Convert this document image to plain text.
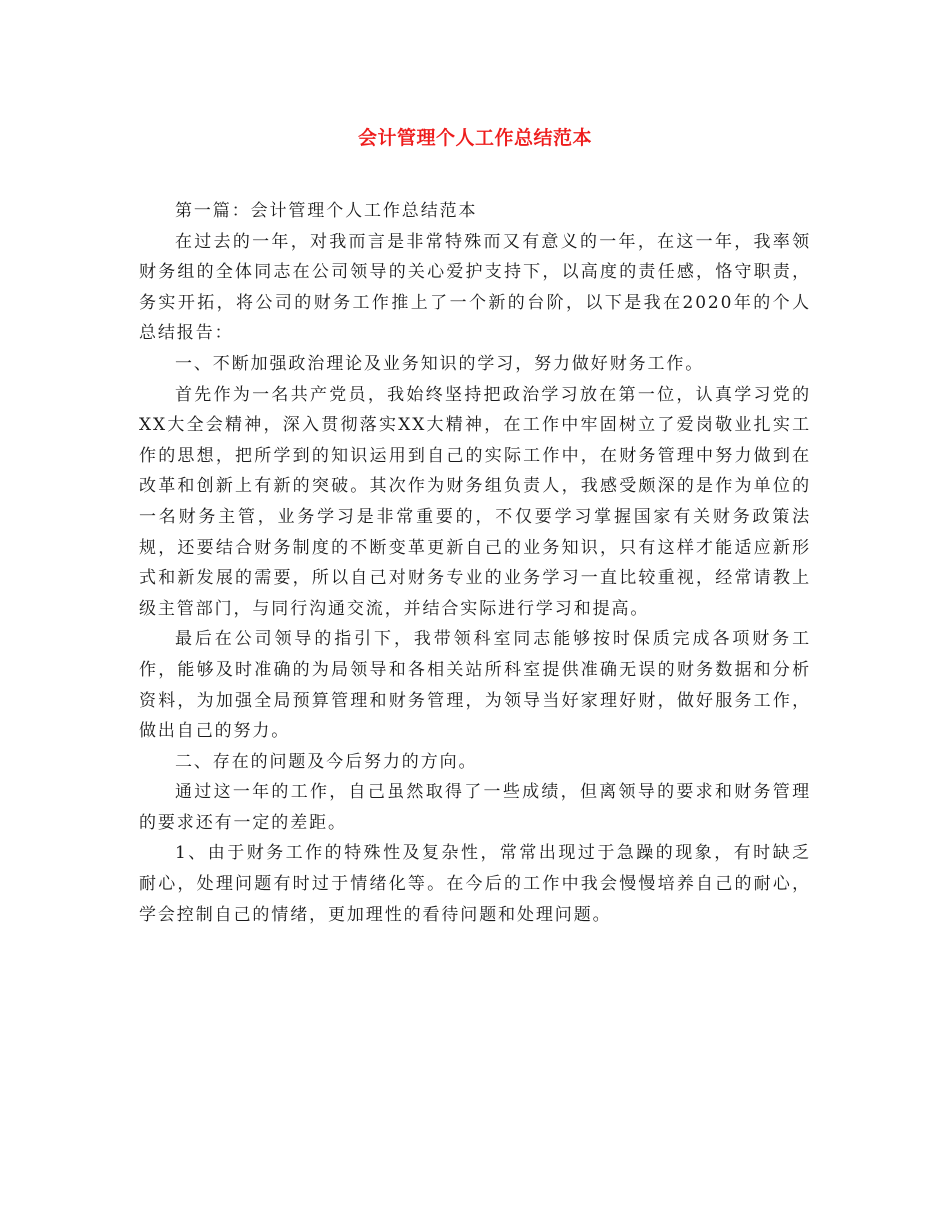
会计管理个人工作总结范本

第一篇：会计管理个人工作总结范本

在过去的一年，对我而言是非常特殊而又有意义的一年，在这一年，我率领财务组的全体同志在公司领导的关心爱护支持下，以高度的责任感，恪守职责，务实开拓，将公司的财务工作推上了一个新的台阶，以下是我在2020年的个人总结报告：

一、不断加强政治理论及业务知识的学习，努力做好财务工作。

首先作为一名共产党员，我始终坚持把政治学习放在第一位，认真学习党的XX大全会精神，深入贯彻落实XX大精神，在工作中牢固树立了爱岗敬业扎实工作的思想，把所学到的知识运用到自己的实际工作中，在财务管理中努力做到在改革和创新上有新的突破。其次作为财务组负责人，我感受颇深的是作为单位的一名财务主管，业务学习是非常重要的，不仅要学习掌握国家有关财务政策法规，还要结合财务制度的不断变革更新自己的业务知识，只有这样才能适应新形式和新发展的需要，所以自己对财务专业的业务学习一直比较重视，经常请教上级主管部门，与同行沟通交流，并结合实际进行学习和提高。

最后在公司领导的指引下，我带领科室同志能够按时保质完成各项财务工作，能够及时准确的为局领导和各相关站所科室提供准确无误的财务数据和分析资料，为加强全局预算管理和财务管理，为领导当好家理好财，做好服务工作，做出自己的努力。

二、存在的问题及今后努力的方向。

通过这一年的工作，自己虽然取得了一些成绩，但离领导的要求和财务管理的要求还有一定的差距。

1、由于财务工作的特殊性及复杂性，常常出现过于急躁的现象，有时缺乏耐心，处理问题有时过于情绪化等。在今后的工作中我会慢慢培养自己的耐心，学会控制自己的情绪，更加理性的看待问题和处理问题。
